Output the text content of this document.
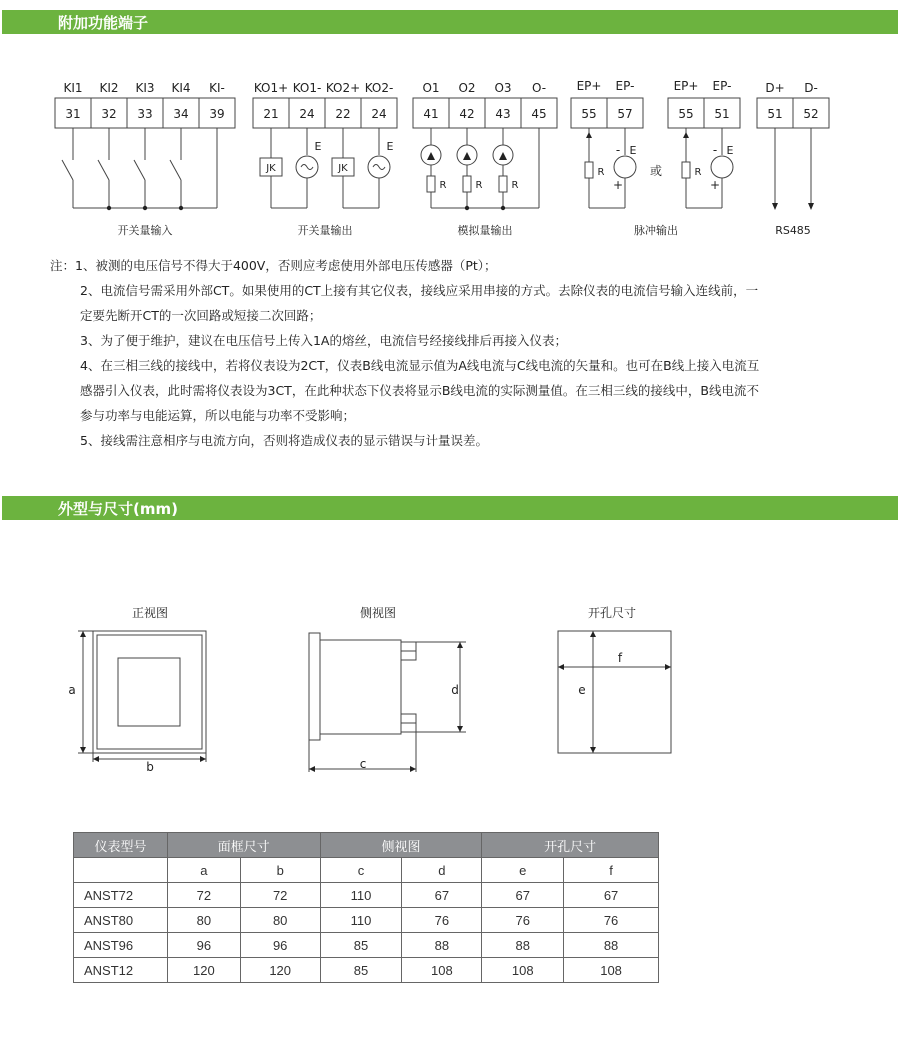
附加功能端子
KI1 KI2 KI3 KI4 KI-
31 32 33 34 39
KO1+ KO1- KO2+ KO2-
21 24 22 24
JK	JK
E	E
O1 O2 O3 O-
41 42 43 45
R	R	R
EP+ EP-
55 57
R
- E
+
或
EP+ EP-
55 51
R
- E
+
D+ D-
51 52
开关量输入	开关量输出	模拟量输出	脉冲输出	RS485
注：1、被测的电压信号不得大于400V，否则应考虑使用外部电压传感器（Pt）；
2、电流信号需采用外部CT。如果使用的CT上接有其它仪表，接线应采用串接的方式。去除仪表的电流信号输入连线前，一
定要先断开CT的一次回路或短接二次回路；
3、为了便于维护，建议在电压信号上传入1A的熔丝，电流信号经接线排后再接入仪表；
4、在三相三线的接线中，若将仪表设为2CT，仪表B线电流显示值为A线电流与C线电流的矢量和。也可在B线上接入电流互
感器引入仪表，此时需将仪表设为3CT，在此种状态下仪表将显示B线电流的实际测量值。在三相三线的接线中，B线电流不
参与功率与电能运算，所以电能与功率不受影响；
5、接线需注意相序与电流方向，否则将造成仪表的显示错误与计量误差。
外型与尺寸(mm)
正视图	侧视图	开孔尺寸
a
b	c
d	e
f
仪表型号	面框尺寸		侧视图		开孔尺寸	
	a	b	c	d	e	f
ANST72	72	72	110	67	67	67
ANST80	80	80	110	76	76	76
ANST96	96	96	85	88	88	88
ANST12	120	120	85	108	108	108
